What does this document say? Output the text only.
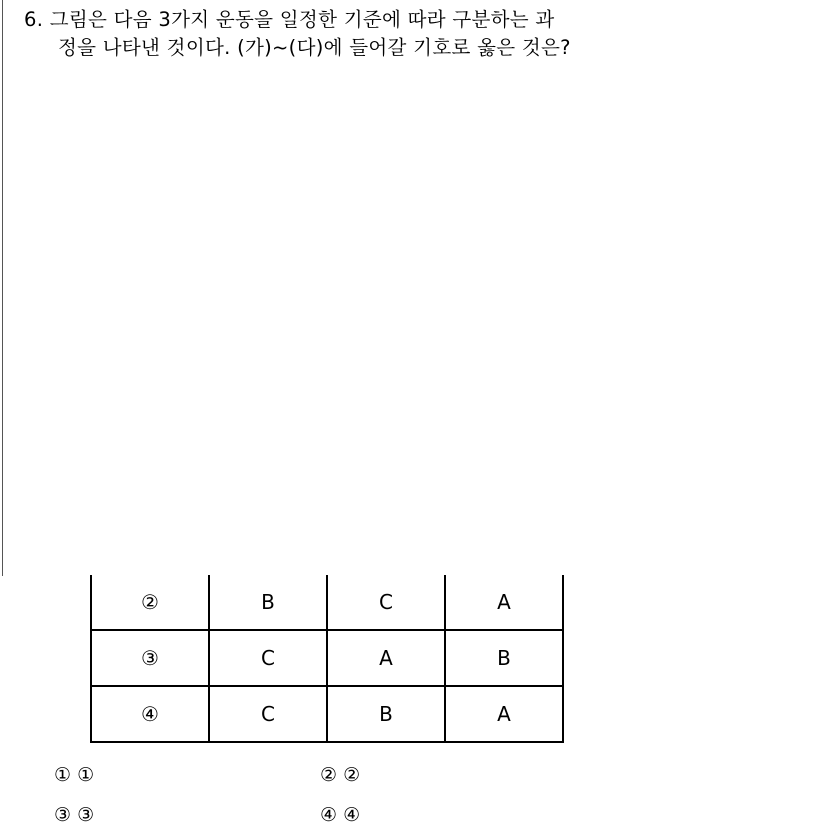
6. 그림은 다음 3가지 운동을 일정한 기준에 따라 구분하는 과
정을 나타낸 것이다. (가)~(다)에 들어갈 기호로 옳은 것은?
②	B	C	A
③	C	A	B
④	C	B	A
① ①	② ②
③ ③	④ ④
